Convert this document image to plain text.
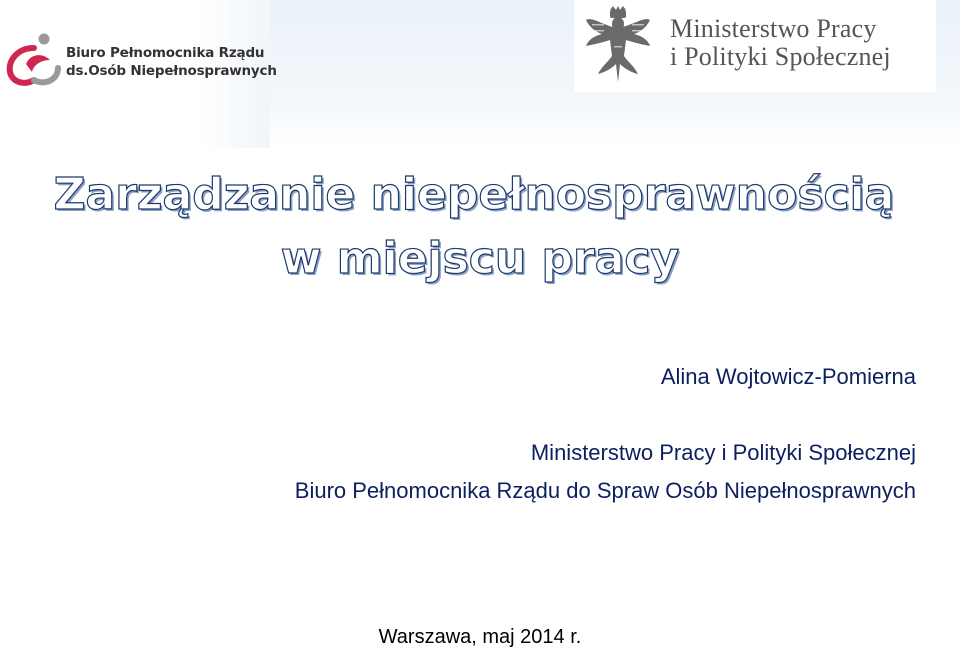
Biuro Pełnomocnika Rządu
ds.Osób Niepełnosprawnych
Ministerstwo Pracy
i Polityki Społecznej
Zarządzanie niepełnosprawnością
w miejscu pracy
Alina Wojtowicz-Pomierna
Ministerstwo Pracy i Polityki Społecznej
Biuro Pełnomocnika Rządu do Spraw Osób Niepełnosprawnych
Warszawa, maj 2014 r.
